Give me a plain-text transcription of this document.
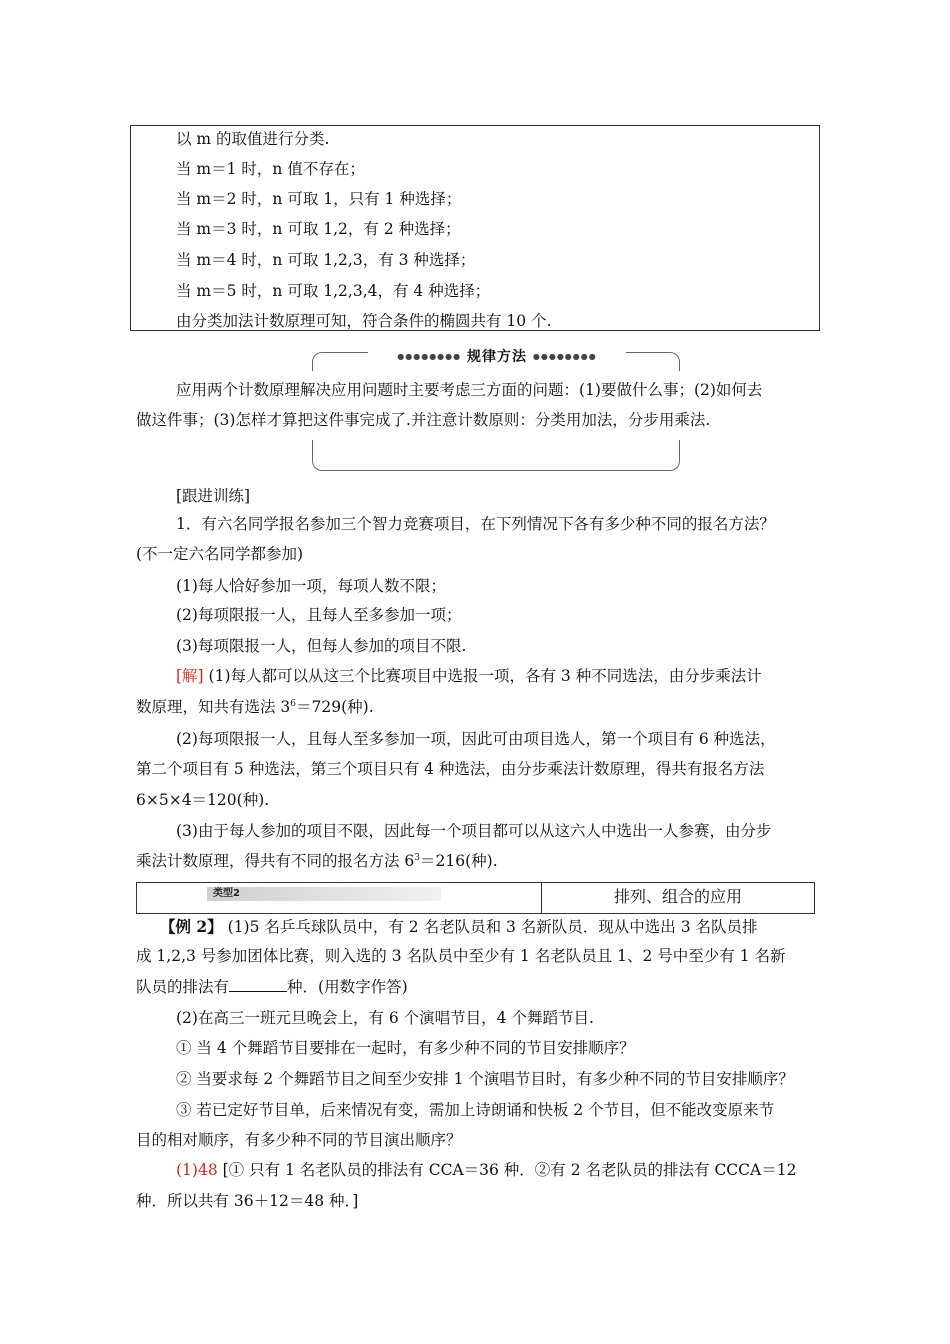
以 m 的取值进行分类.
当 m＝1 时，n 值不存在；
当 m＝2 时，n 可取 1，只有 1 种选择；
当 m＝3 时，n 可取 1,2，有 2 种选择；
当 m＝4 时，n 可取 1,2,3，有 3 种选择；
当 m＝5 时，n 可取 1,2,3,4，有 4 种选择；
由分类加法计数原理可知，符合条件的椭圆共有 10 个.
●●●●●●●● 规律方法 ●●●●●●●●
应用两个计数原理解决应用问题时主要考虑三方面的问题：(1)要做什么事；(2)如何去
做这件事；(3)怎样才算把这件事完成了.并注意计数原则：分类用加法，分步用乘法.
[跟进训练]
1．有六名同学报名参加三个智力竞赛项目，在下列情况下各有多少种不同的报名方法？
(不一定六名同学都参加)
(1)每人恰好参加一项，每项人数不限；
(2)每项限报一人，且每人至多参加一项；
(3)每项限报一人，但每人参加的项目不限.
[解] (1)每人都可以从这三个比赛项目中选报一项，各有 3 种不同选法，由分步乘法计
数原理，知共有选法 $3^6=729$(种).
(2)每项限报一人，且每人至多参加一项，因此可由项目选人，第一个项目有 6 种选法，
第二个项目有 5 种选法，第三个项目只有 4 种选法，由分步乘法计数原理，得共有报名方法
6×5×4＝120(种).
(3)由于每人参加的项目不限，因此每一个项目都可以从这六人中选出一人参赛，由分步
乘法计数原理，得共有不同的报名方法 $6^3=216$(种).
类型2	排列、组合的应用
【例 2】 (1)5 名乒乓球队员中，有 2 名老队员和 3 名新队员．现从中选出 3 名队员排
成 1,2,3 号参加团体比赛，则入选的 3 名队员中至少有 1 名老队员且 1、2 号中至少有 1 名新
队员的排法有	种．(用数字作答)
(2)在高三一班元旦晚会上，有 6 个演唱节目，4 个舞蹈节目.
① 当 4 个舞蹈节目要排在一起时，有多少种不同的节目安排顺序？
② 当要求每 2 个舞蹈节目之间至少安排 1 个演唱节目时，有多少种不同的节目安排顺序？
③ 若已定好节目单，后来情况有变，需加上诗朗诵和快板 2 个节目，但不能改变原来节
目的相对顺序，有多少种不同的节目演出顺序？
(1)48 [① 只有 1 名老队员的排法有 CCA＝36 种．②有 2 名老队员的排法有 CCCA＝12
种．所以共有 36＋12＝48 种．]
